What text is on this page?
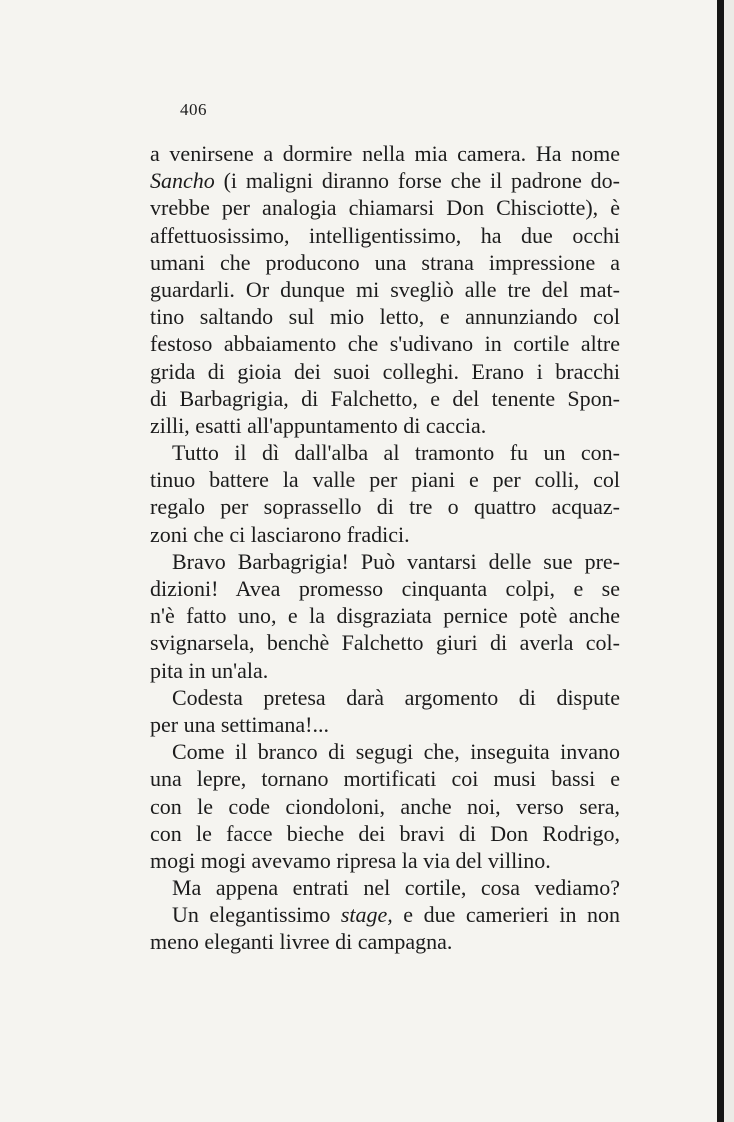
406
a venirsene a dormire nella mia camera. Ha nome
Sancho (i maligni diranno forse che il padrone do-
vrebbe per analogia chiamarsi Don Chisciotte), è
affettuosissimo, intelligentissimo, ha due occhi
umani che producono una strana impressione a
guardarli. Or dunque mi svegliò alle tre del mat-
tino saltando sul mio letto, e annunziando col
festoso abbaiamento che s'udivano in cortile altre
grida di gioia dei suoi colleghi. Erano i bracchi
di Barbagrigia, di Falchetto, e del tenente Spon-
zilli, esatti all'appuntamento di caccia.
Tutto il dì dall'alba al tramonto fu un con-
tinuo battere la valle per piani e per colli, col
regalo per soprassello di tre o quattro acquaz-
zoni che ci lasciarono fradici.
Bravo Barbagrigia! Può vantarsi delle sue pre-
dizioni! Avea promesso cinquanta colpi, e se
n'è fatto uno, e la disgraziata pernice potè anche
svignarsela, benchè Falchetto giuri di averla col-
pita in un'ala.
Codesta pretesa darà argomento di dispute
per una settimana!...
Come il branco di segugi che, inseguita invano
una lepre, tornano mortificati coi musi bassi e
con le code ciondoloni, anche noi, verso sera,
con le facce bieche dei bravi di Don Rodrigo,
mogi mogi avevamo ripresa la via del villino.
Ma appena entrati nel cortile, cosa vediamo?
Un elegantissimo stage, e due camerieri in non
meno eleganti livree di campagna.
